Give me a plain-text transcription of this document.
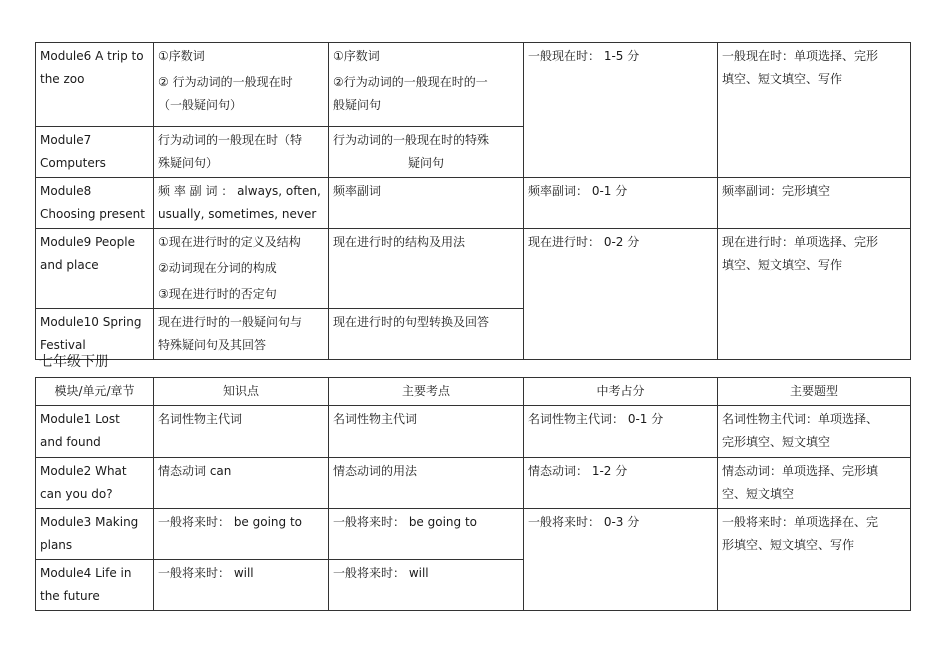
Module6 A trip to
the zoo	①序数词
② 行为动词的一般现在时
（一般疑问句）	①序数词
②行为动词的一般现在时的一
般疑问句	一般现在时： 1-5 分	一般现在时：单项选择、完形
填空、短文填空、写作

Module7
Computers	行为动词的一般现在时（特
殊疑问句）	行为动词的一般现在时的特殊
疑问句		

Module8
Choosing present	频 率 副 词 ： always, often,
usually, sometimes, never	频率副词	频率副词： 0-1 分	频率副词：完形填空

Module9 People
and place	①现在进行时的定义及结构
②动词现在分词的构成
③现在进行时的否定句	现在进行时的结构及用法	现在进行时： 0-2 分	现在进行时：单项选择、完形
填空、短文填空、写作

Module10 Spring
Festival	现在进行时的一般疑问句与
特殊疑问句及其回答	现在进行时的句型转换及回答		
七年级下册
模块/单元/章节	知识点	主要考点	中考占分	主要题型

Module1 Lost
and found	名词性物主代词	名词性物主代词	名词性物主代词： 0-1 分	名词性物主代词：单项选择、
完形填空、短文填空

Module2 What
can you do?	情态动词 can	情态动词的用法	情态动词： 1-2 分	情态动词：单项选择、完形填
空、短文填空

Module3 Making
plans	一般将来时： be going to	一般将来时： be going to	一般将来时： 0-3 分	一般将来时：单项选择在、完
形填空、短文填空、写作

Module4 Life in
the future	一般将来时： will	一般将来时： will		
